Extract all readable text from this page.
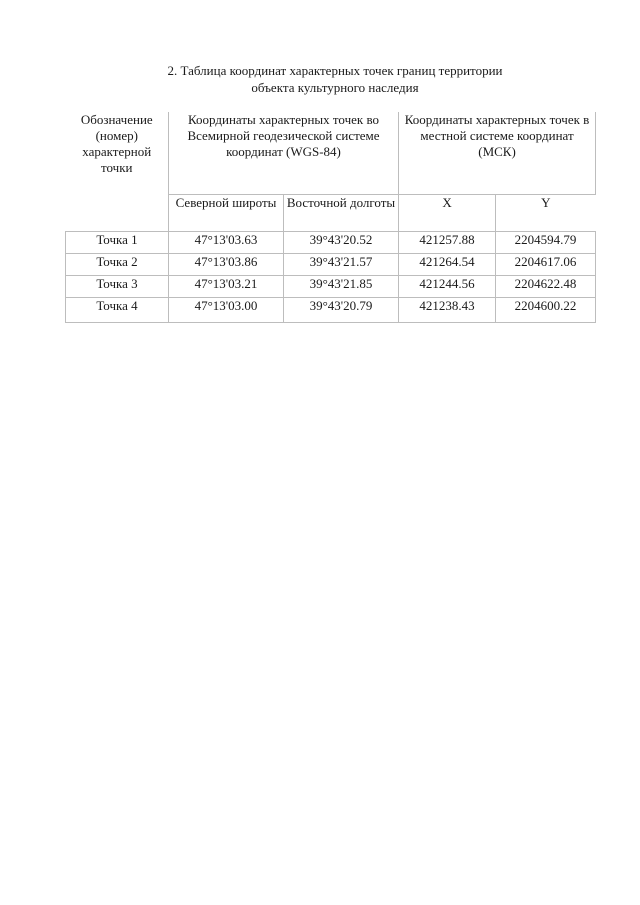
2. Таблица координат характерных точек границ территории
объекта культурного наследия
Обозначение (номер) характерной точки	Координаты характерных точек во Всемирной геодезической системе координат (WGS-84)		Координаты характерных точек в местной системе координат (МСК)	
	Северной широты	Восточной долготы	X	Y
Точка 1	47°13'03.63	39°43'20.52	421257.88	2204594.79
Точка 2	47°13'03.86	39°43'21.57	421264.54	2204617.06
Точка 3	47°13'03.21	39°43'21.85	421244.56	2204622.48
Точка 4	47°13'03.00	39°43'20.79	421238.43	2204600.22
